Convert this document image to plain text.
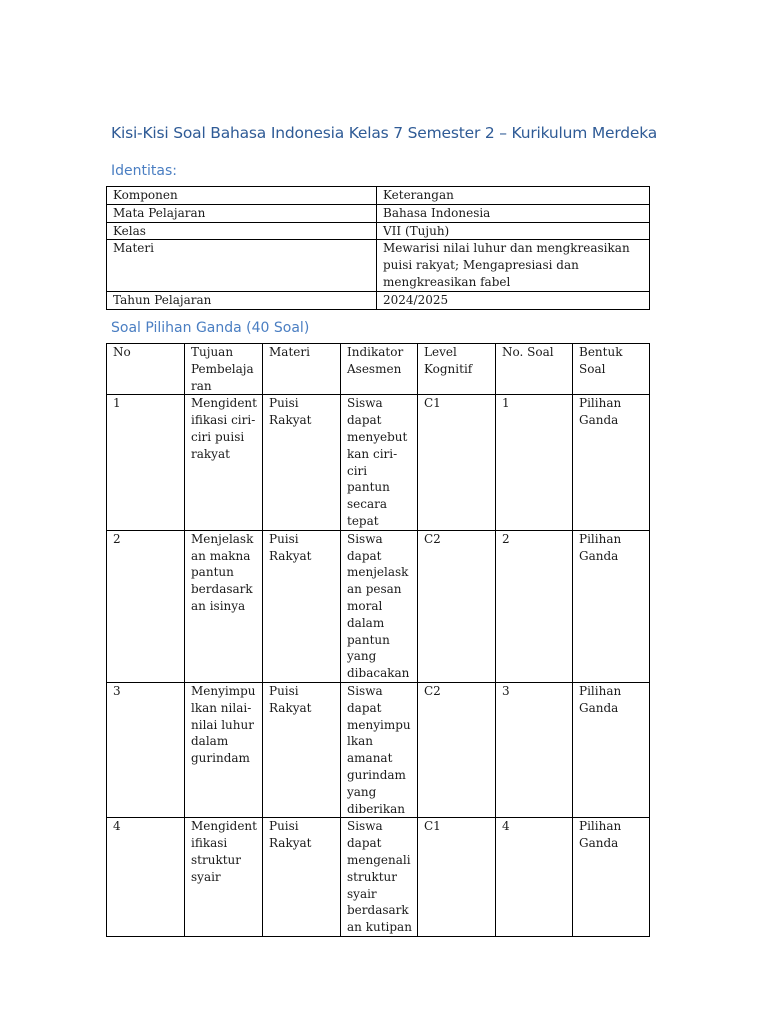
Kisi-Kisi Soal Bahasa Indonesia Kelas 7 Semester 2 – Kurikulum Merdeka
Identitas:
Komponen	Keterangan
Mata Pelajaran	Bahasa Indonesia
Kelas	VII (Tujuh)
Materi	Mewarisi nilai luhur dan mengkreasikan puisi rakyat; Mengapresiasi dan mengkreasikan fabel
Tahun Pelajaran	2024/2025
Soal Pilihan Ganda (40 Soal)
No	Tujuan Pembelaja ran	Materi	Indikator Asesmen	Level Kognitif	No. Soal	Bentuk Soal
1	Mengident ifikasi ciri-ciri puisi rakyat	Puisi Rakyat	Siswa dapat menyebut kan ciri-ciri pantun secara tepat	C1	1	Pilihan Ganda
2	Menjelask an makna pantun berdasark an isinya	Puisi Rakyat	Siswa dapat menjelask an pesan moral dalam pantun yang dibacakan	C2	2	Pilihan Ganda
3	Menyimpu lkan nilai-nilai luhur dalam gurindam	Puisi Rakyat	Siswa dapat menyimpu lkan amanat gurindam yang diberikan	C2	3	Pilihan Ganda
4	Mengident ifikasi struktur syair	Puisi Rakyat	Siswa dapat mengenali struktur syair berdasark an kutipan	C1	4	Pilihan Ganda
